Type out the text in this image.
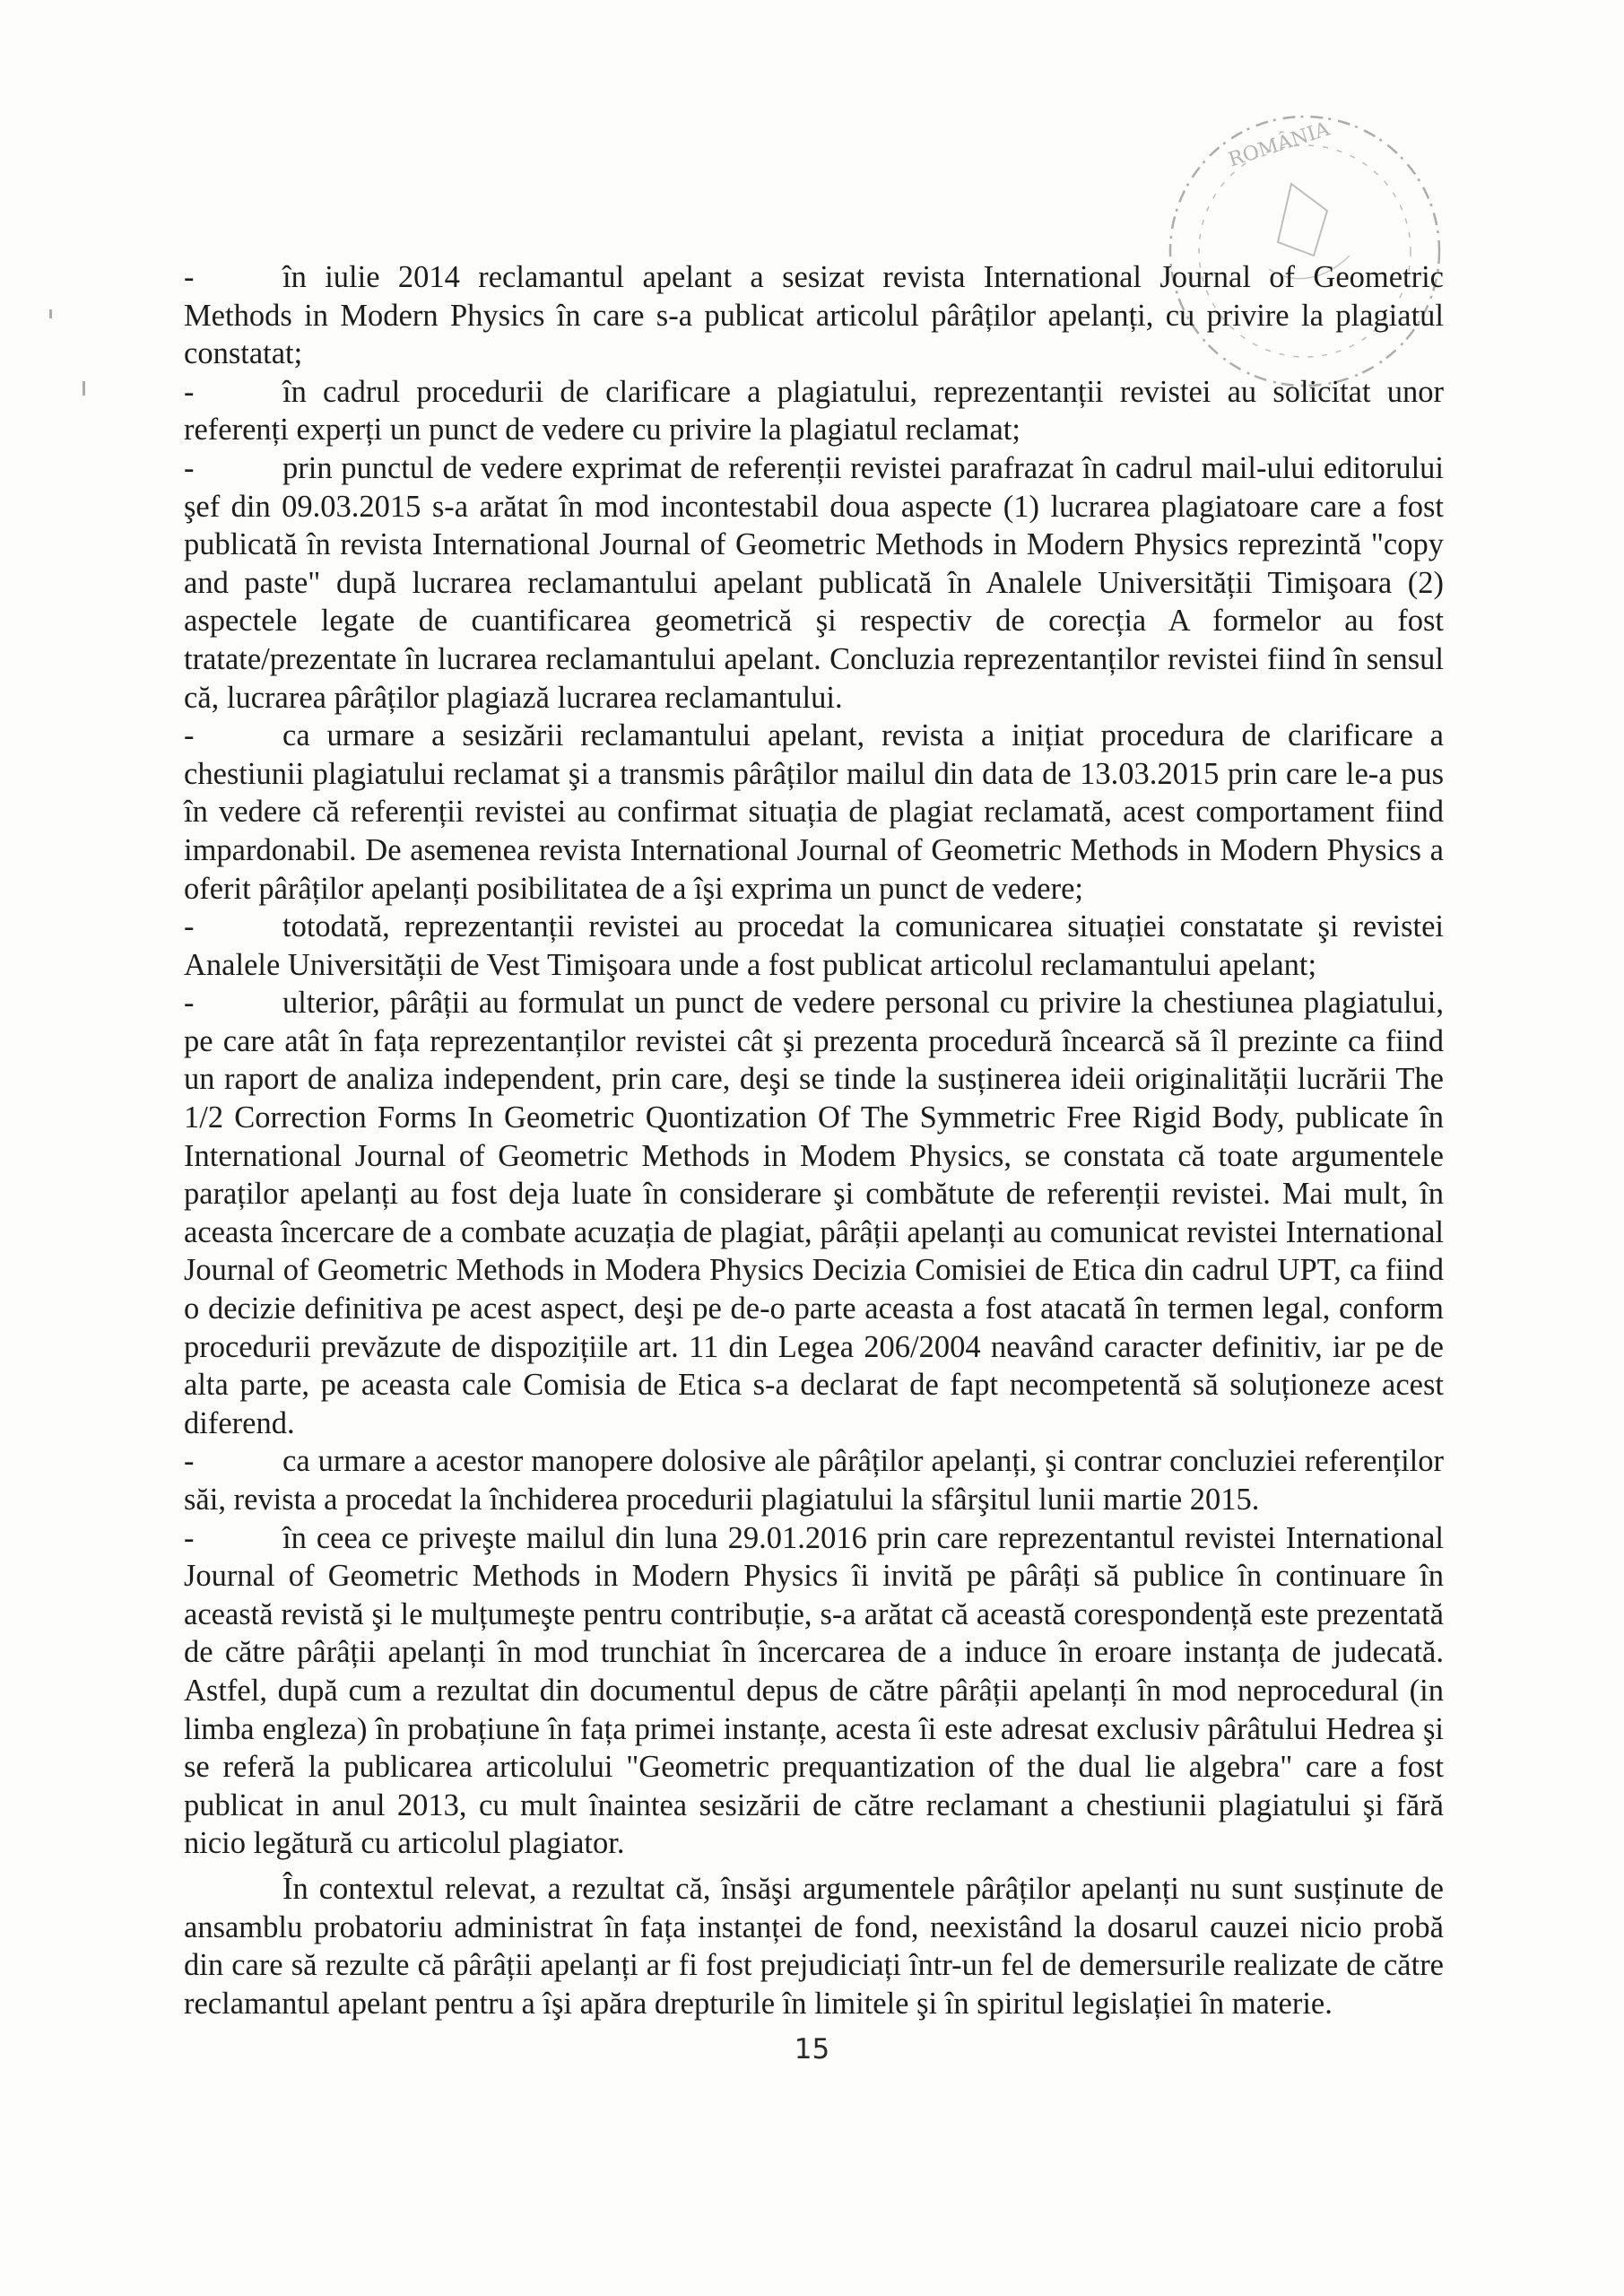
ROMÂNIA

-	în iulie 2014 reclamantul apelant a sesizat revista International Journal of Geometric Methods in Modern Physics în care s-a publicat articolul pârâților apelanți, cu privire la plagiatul constatat;

-	în cadrul procedurii de clarificare a plagiatului, reprezentanții revistei au solicitat unor referenți experți un punct de vedere cu privire la plagiatul reclamat;

-	prin punctul de vedere exprimat de referenții revistei parafrazat în cadrul mail-ului editorului şef din 09.03.2015 s-a arătat în mod incontestabil doua aspecte (1) lucrarea plagiatoare care a fost publicată în revista International Journal of Geometric Methods in Modern Physics reprezintă "copy and paste" după lucrarea reclamantului apelant publicată în Analele Universității Timişoara (2) aspectele legate de cuantificarea geometrică şi respectiv de corecția A formelor au fost tratate/prezentate în lucrarea reclamantului apelant. Concluzia reprezentanților revistei fiind în sensul că, lucrarea pârâților plagiază lucrarea reclamantului.

-	ca urmare a sesizării reclamantului apelant, revista a inițiat procedura de clarificare a chestiunii plagiatului reclamat şi a transmis pârâților mailul din data de 13.03.2015 prin care le-a pus în vedere că referenții revistei au confirmat situația de plagiat reclamată, acest comportament fiind impardonabil. De asemenea revista International Journal of Geometric Methods in Modern Physics a oferit pârâților apelanți posibilitatea de a îşi exprima un punct de vedere;

-	totodată, reprezentanții revistei au procedat la comunicarea situației constatate şi revistei Analele Universității de Vest Timişoara unde a fost publicat articolul reclamantului apelant;

-	ulterior, pârâții au formulat un punct de vedere personal cu privire la chestiunea plagiatului, pe care atât în fața reprezentanților revistei cât şi prezenta procedură încearcă să îl prezinte ca fiind un raport de analiza independent, prin care, deşi se tinde la susținerea ideii originalității lucrării The 1/2 Correction Forms In Geometric Quontization Of The Symmetric Free Rigid Body, publicate în International Journal of Geometric Methods in Modem Physics, se constata că toate argumentele paraților apelanți au fost deja luate în considerare şi combătute de referenții revistei. Mai mult, în aceasta încercare de a combate acuzația de plagiat, pârâții apelanți au comunicat revistei International Journal of Geometric Methods in Modera Physics Decizia Comisiei de Etica din cadrul UPT, ca fiind o decizie definitiva pe acest aspect, deşi pe de-o parte aceasta a fost atacată în termen legal, conform procedurii prevăzute de dispozițiile art. 11 din Legea 206/2004 neavând caracter definitiv, iar pe de alta parte, pe aceasta cale Comisia de Etica s-a declarat de fapt necompetentă să soluționeze acest diferend.

-	ca urmare a acestor manopere dolosive ale pârâților apelanți, şi contrar concluziei referenților săi, revista a procedat la închiderea procedurii plagiatului la sfârşitul lunii martie 2015.

-	în ceea ce priveşte mailul din luna 29.01.2016 prin care reprezentantul revistei International Journal of Geometric Methods in Modern Physics îi invită pe pârâți să publice în continuare în această revistă şi le mulțumeşte pentru contribuție, s-a arătat că această corespondență este prezentată de către pârâții apelanți în mod trunchiat în încercarea de a induce în eroare instanța de judecată. Astfel, după cum a rezultat din documentul depus de către pârâții apelanți în mod neprocedural (in limba engleza) în probațiune în fața primei instanțe, acesta îi este adresat exclusiv pârâtului Hedrea şi se referă la publicarea articolului "Geometric prequantization of the dual lie algebra" care a fost publicat in anul 2013, cu mult înaintea sesizării de către reclamant a chestiunii plagiatului şi fără nicio legătură cu articolul plagiator.

În contextul relevat, a rezultat că, însăşi argumentele pârâților apelanți nu sunt susținute de ansamblu probatoriu administrat în fața instanței de fond, neexistând la dosarul cauzei nicio probă din care să rezulte că pârâții apelanți ar fi fost prejudiciați într-un fel de demersurile realizate de către reclamantul apelant pentru a îşi apăra drepturile în limitele şi în spiritul legislației în materie.

15
